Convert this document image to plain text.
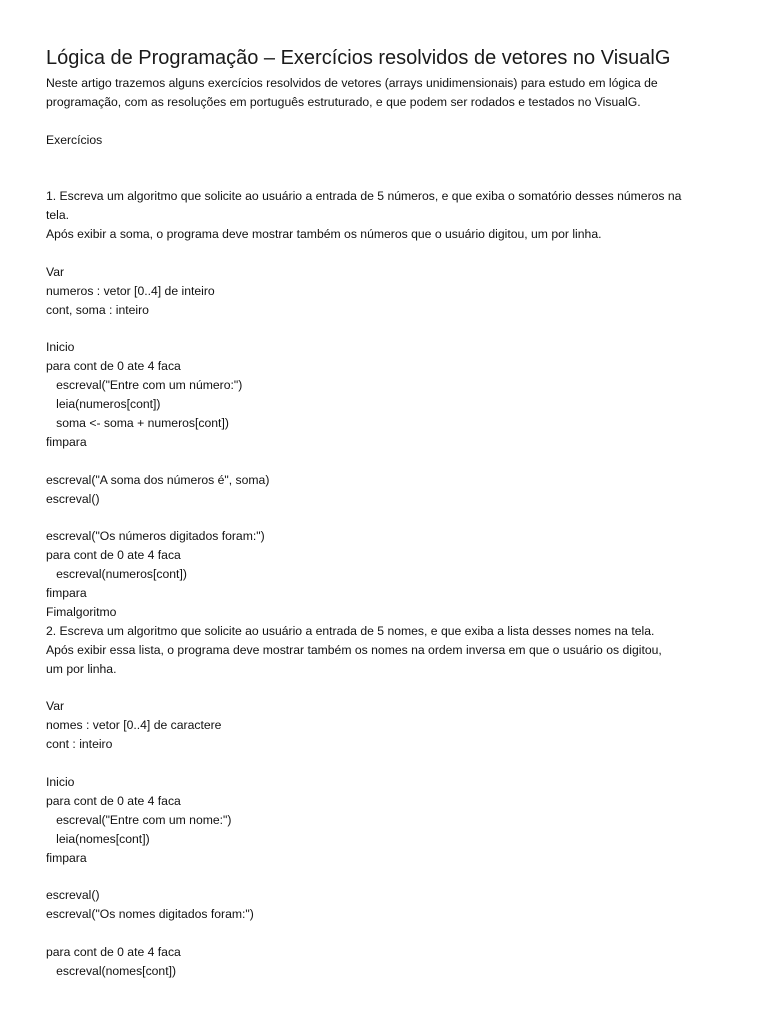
Lógica de Programação – Exercícios resolvidos de vetores no VisualG
Neste artigo trazemos alguns exercícios resolvidos de vetores (arrays unidimensionais) para estudo em lógica de
programação, com as resoluções em português estruturado, e que podem ser rodados e testados no VisualG.
Exercícios
1. Escreva um algoritmo que solicite ao usuário a entrada de 5 números, e que exiba o somatório desses números na
tela.
Após exibir a soma, o programa deve mostrar também os números que o usuário digitou, um por linha.
Var
numeros : vetor [0..4] de inteiro
cont, soma : inteiro
Inicio
para cont de 0 ate 4 faca
escreval("Entre com um número:")
leia(numeros[cont])
soma <- soma + numeros[cont])
fimpara
escreval("A soma dos números é", soma)
escreval()
escreval("Os números digitados foram:")
para cont de 0 ate 4 faca
escreval(numeros[cont])
fimpara
Fimalgoritmo
2. Escreva um algoritmo que solicite ao usuário a entrada de 5 nomes, e que exiba a lista desses nomes na tela.
Após exibir essa lista, o programa deve mostrar também os nomes na ordem inversa em que o usuário os digitou,
um por linha.
Var
nomes : vetor [0..4] de caractere
cont : inteiro
Inicio
para cont de 0 ate 4 faca
escreval("Entre com um nome:")
leia(nomes[cont])
fimpara
escreval()
escreval("Os nomes digitados foram:")
para cont de 0 ate 4 faca
escreval(nomes[cont])
